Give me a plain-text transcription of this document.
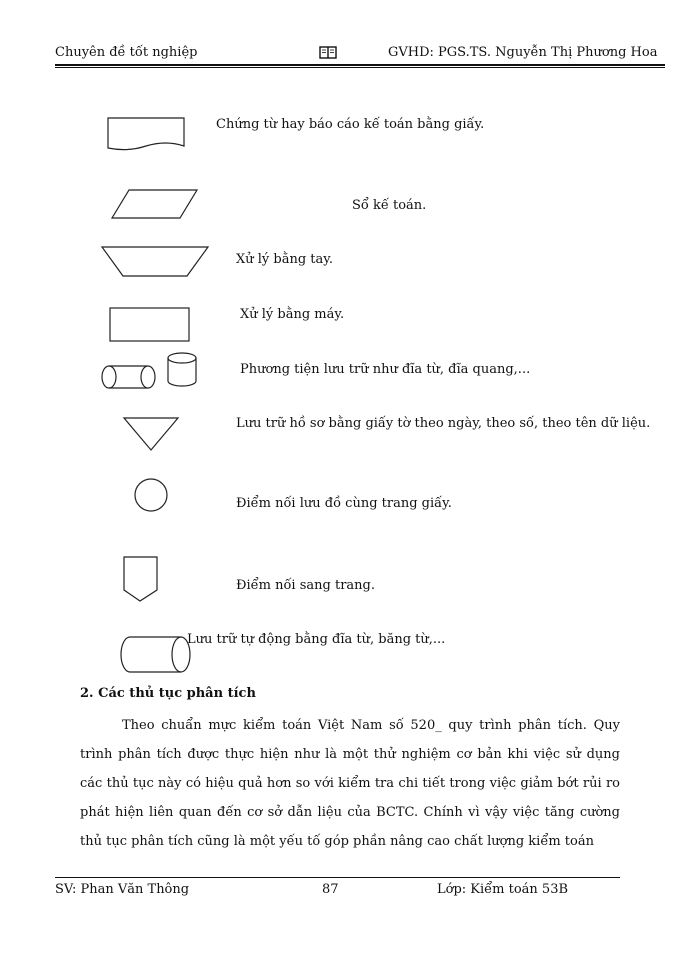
Chuyên đề tốt nghiệp	GVHD: PGS.TS. Nguyễn Thị Phương Hoa
Chứng từ hay báo cáo kế toán bằng giấy.
Sổ kế toán.
Xử lý bằng tay.
Xử lý bằng máy.
Phương tiện lưu trữ như đĩa từ, đĩa quang,...
Lưu trữ hồ sơ bằng giấy tờ theo ngày, theo số, theo tên dữ liệu.
Điểm nối lưu đồ cùng trang giấy.
Điểm nối sang trang.
Lưu trữ tự động bằng đĩa từ, băng từ,...
2. Các thủ tục phân tích
Theo chuẩn mực kiểm toán Việt Nam số 520_ quy trình phân tích. Quy trình phân tích được thực hiện như là một thử nghiệm cơ bản khi việc sử dụng các thủ tục này có hiệu quả hơn so với kiểm tra chi tiết trong việc giảm bớt rủi ro phát hiện liên quan đến cơ sở dẫn liệu của BCTC. Chính vì vậy việc tăng cường thủ tục phân tích cũng là một yếu tố góp phần nâng cao chất lượng kiểm toán
SV: Phan Văn Thông	87	Lớp: Kiểm toán 53B
